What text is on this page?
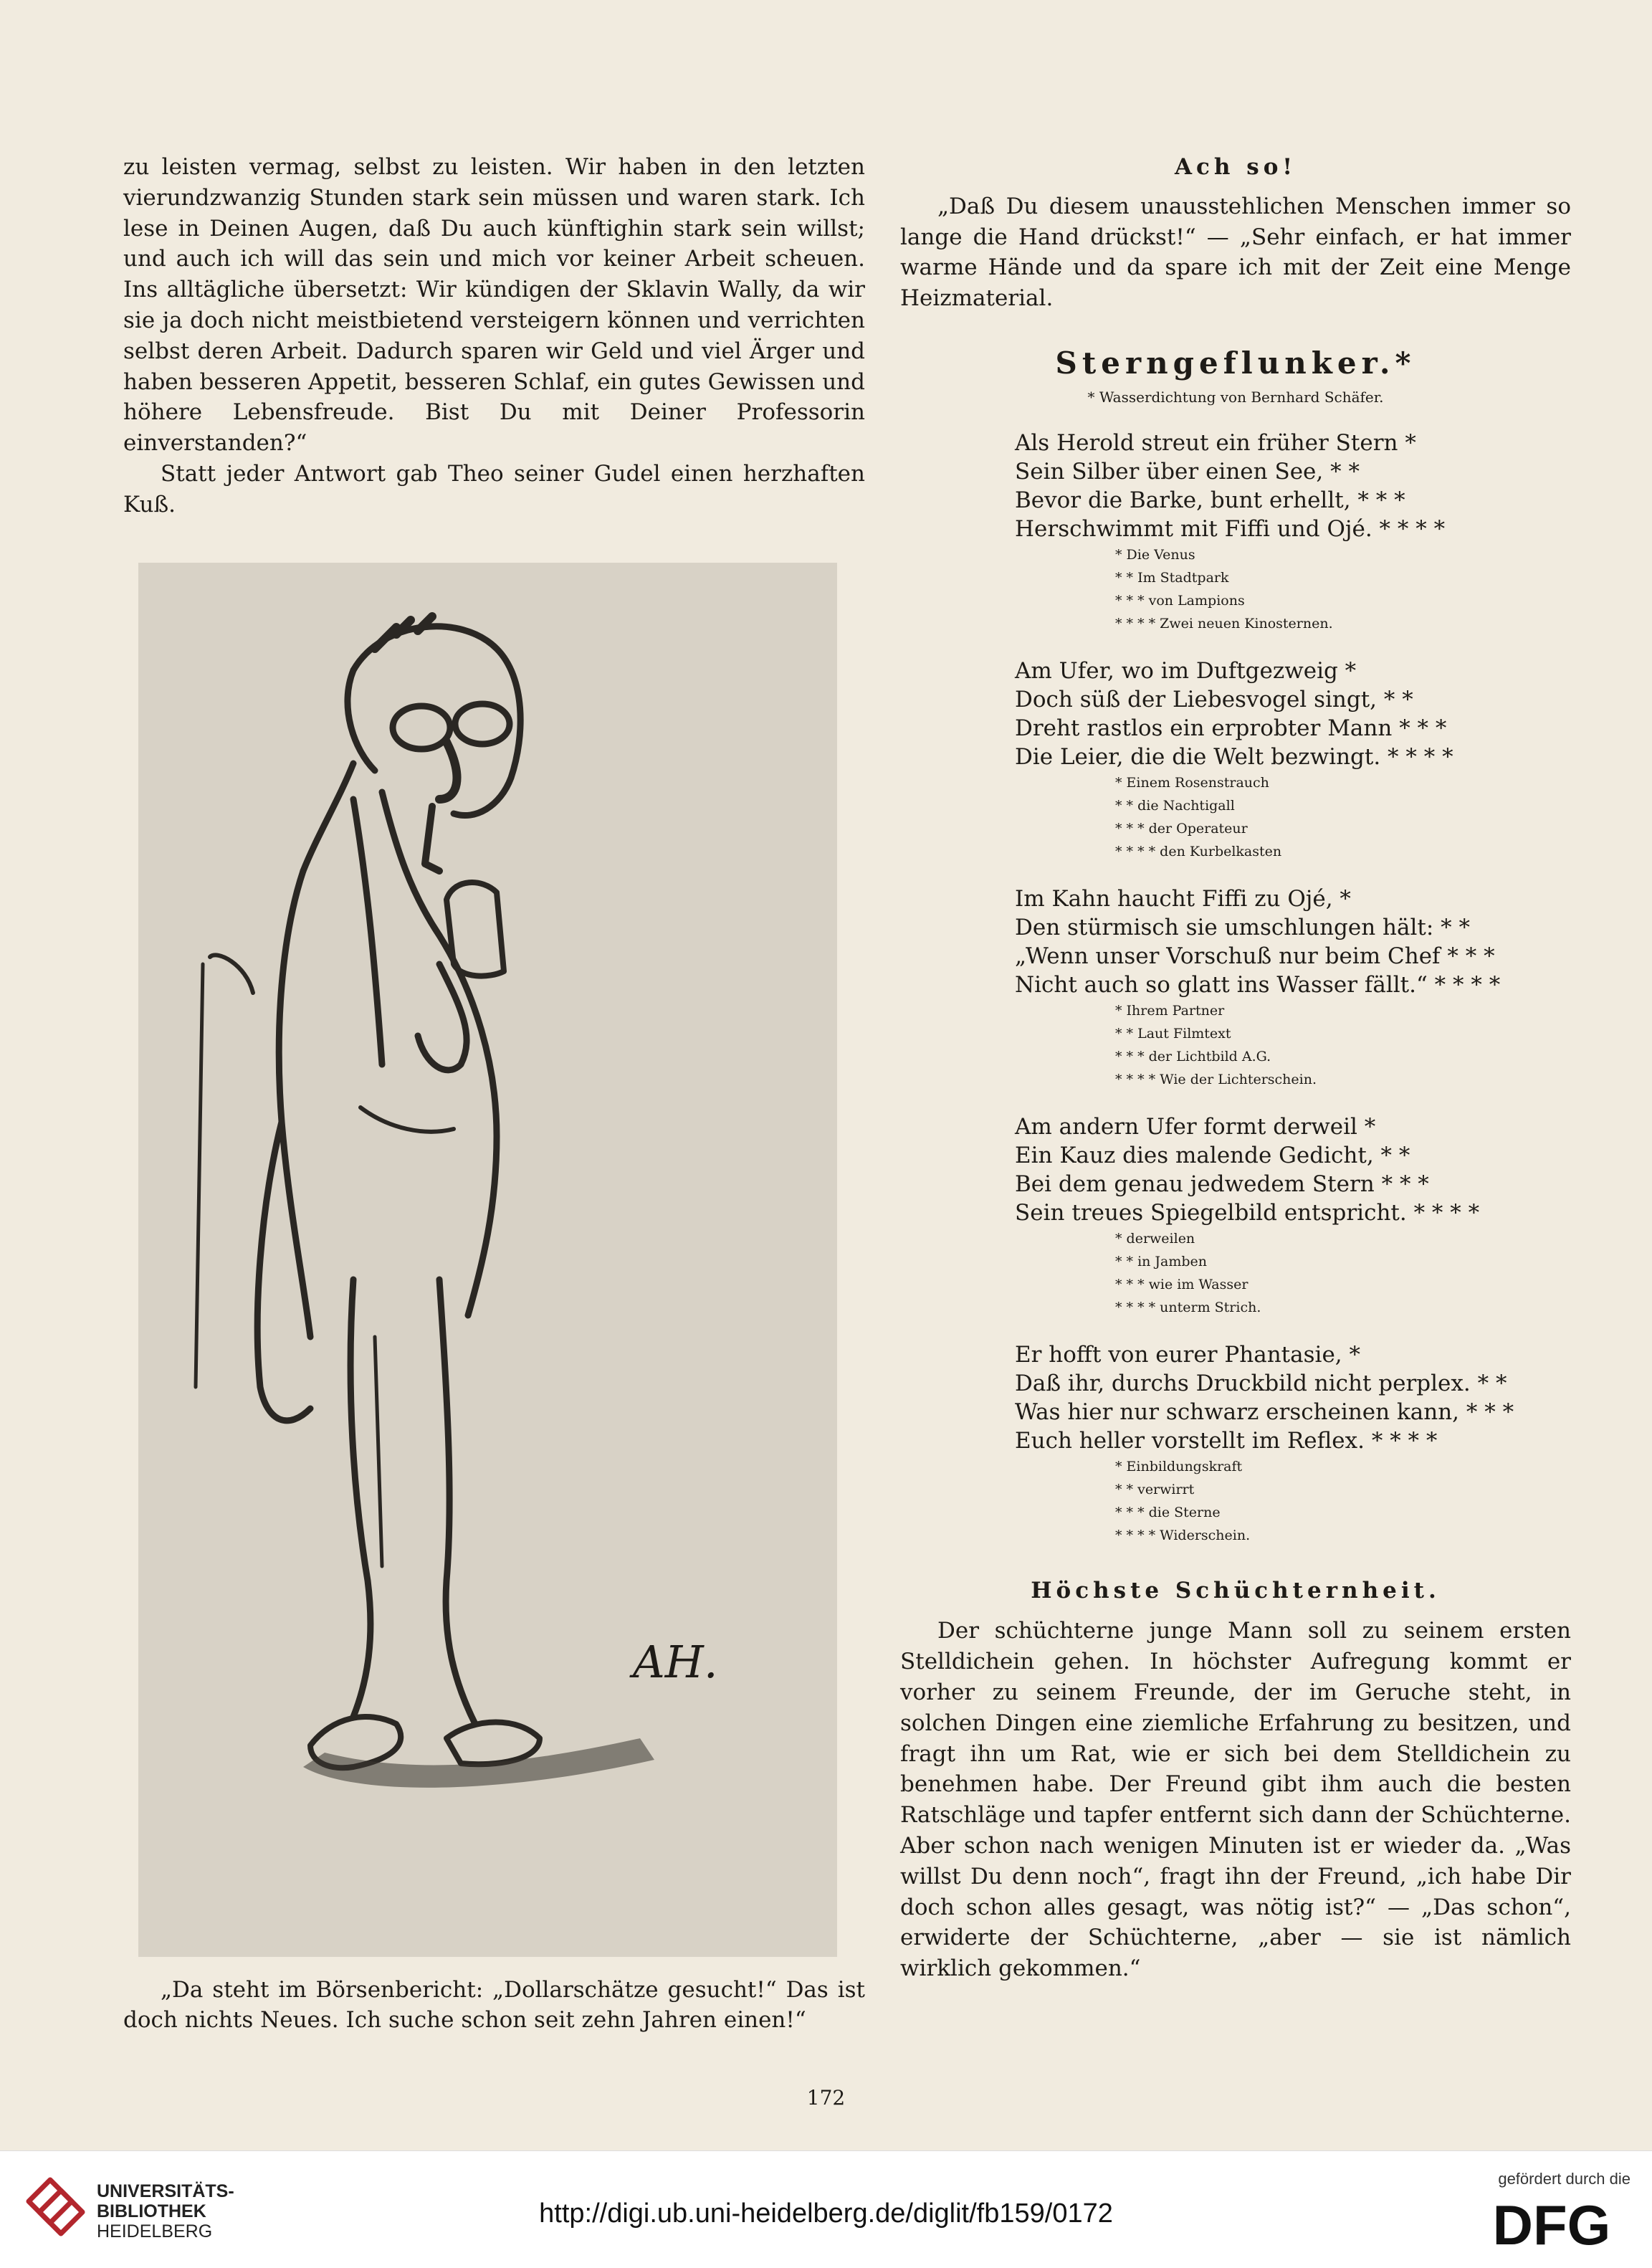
zu leisten vermag, selbst zu leisten. Wir haben in den letzten vierundzwanzig Stunden stark sein müssen und waren stark. Ich lese in Deinen Augen, daß Du auch künftighin stark sein willst; und auch ich will das sein und mich vor keiner Arbeit scheuen. Ins alltägliche übersetzt: Wir kündigen der Sklavin Wally, da wir sie ja doch nicht meistbietend versteigern können und verrichten selbst deren Arbeit. Dadurch sparen wir Geld und viel Ärger und haben besseren Appetit, besseren Schlaf, ein gutes Gewissen und höhere Lebensfreude. Bist Du mit Deiner Professorin einverstanden?“

Statt jeder Antwort gab Theo seiner Gudel einen herzhaften Kuß.

AH.

„Da steht im Börsenbericht: „Dollarschätze gesucht!“ Das ist doch nichts Neues. Ich suche schon seit zehn Jahren einen!“

Ach so!

„Daß Du diesem unausstehlichen Menschen immer so lange die Hand drückst!“ — „Sehr einfach, er hat immer warme Hände und da spare ich mit der Zeit eine Menge Heizmaterial.

Sterngeflunker.*

* Wasserdichtung von Bernhard Schäfer.

Als Herold streut ein früher Stern *
Sein Silber über einen See, * *
Bevor die Barke, bunt erhellt, * * *
Herschwimmt mit Fiffi und Ojé. * * * *
* Die Venus
* * Im Stadtpark
* * * von Lampions
* * * * Zwei neuen Kinosternen.
Am Ufer, wo im Duftgezweig *
Doch süß der Liebesvogel singt, * *
Dreht rastlos ein erprobter Mann * * *
Die Leier, die die Welt bezwingt. * * * *
* Einem Rosenstrauch
* * die Nachtigall
* * * der Operateur
* * * * den Kurbelkasten
Im Kahn haucht Fiffi zu Ojé, *
Den stürmisch sie umschlungen hält: * *
„Wenn unser Vorschuß nur beim Chef * * *
Nicht auch so glatt ins Wasser fällt.“ * * * *
* Ihrem Partner
* * Laut Filmtext
* * * der Lichtbild A.G.
* * * * Wie der Lichterschein.
Am andern Ufer formt derweil *
Ein Kauz dies malende Gedicht, * *
Bei dem genau jedwedem Stern * * *
Sein treues Spiegelbild entspricht. * * * *
* derweilen
* * in Jamben
* * * wie im Wasser
* * * * unterm Strich.
Er hofft von eurer Phantasie, *
Daß ihr, durchs Druckbild nicht perplex. * *
Was hier nur schwarz erscheinen kann, * * *
Euch heller vorstellt im Reflex. * * * *
* Einbildungskraft
* * verwirrt
* * * die Sterne
* * * * Widerschein.

Höchste Schüchternheit.

Der schüchterne junge Mann soll zu seinem ersten Stelldichein gehen. In höchster Aufregung kommt er vorher zu seinem Freunde, der im Geruche steht, in solchen Dingen eine ziemliche Erfahrung zu besitzen, und fragt ihn um Rat, wie er sich bei dem Stelldichein zu benehmen habe. Der Freund gibt ihm auch die besten Ratschläge und tapfer entfernt sich dann der Schüchterne. Aber schon nach wenigen Minuten ist er wieder da. „Was willst Du denn noch“, fragt ihn der Freund, „ich habe Dir doch schon alles gesagt, was nötig ist?“ — „Das schon“, erwiderte der Schüchterne, „aber — sie ist nämlich wirklich gekommen.“

172
UNIVERSITÄTS-
BIBLIOTHEK
HEIDELBERG
http://digi.ub.uni-heidelberg.de/diglit/fb159/0172
gefördert durch die
DFG
